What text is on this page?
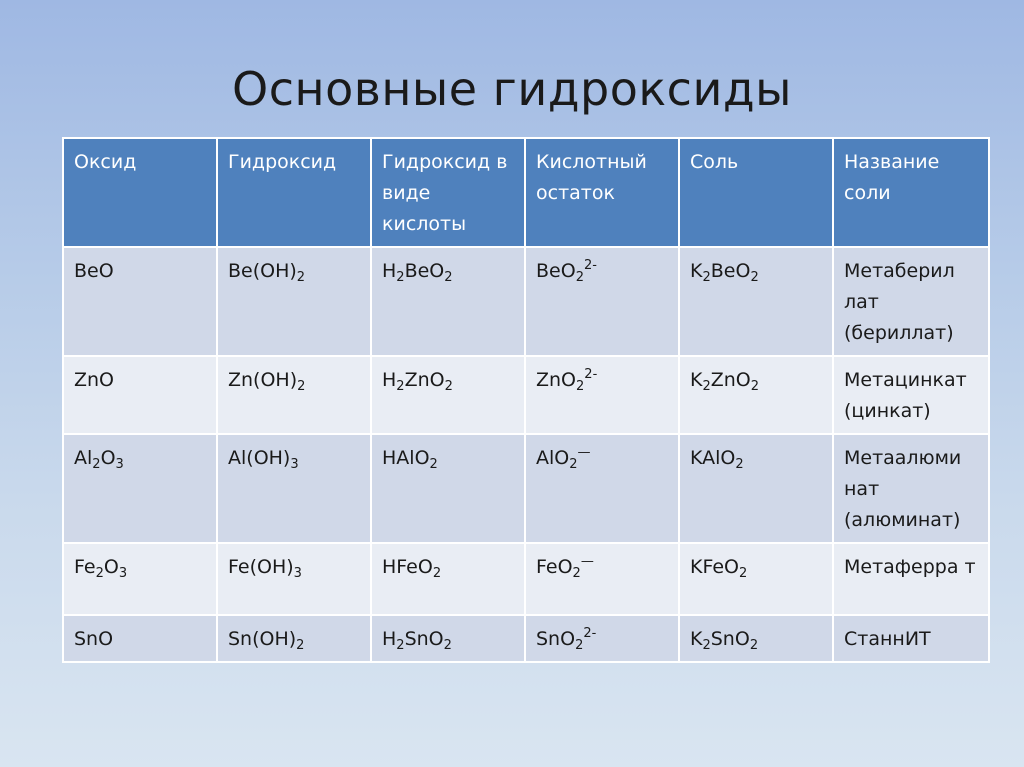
Основные гидроксиды
Оксид	Гидроксид	Гидроксид в виде кислоты	Кислотный остаток	Соль	Название соли
BeO	$Be(OH)_2$	$H_2BeO_2$	BeO$_2^{2-}$	$K_2BeO_2$	Метаберил лат (бериллат)
ZnO	$Zn(OH)_2$	$H_2ZnO_2$	ZnO$_2^{2-}$	$K_2ZnO_2$	Метацинкат (цинкат)
$Al_2O_3$	$Al(OH)_3$	HAlO$_2$	AlO$_2$—	KAlO$_2$	Метаалюми нат (алюминат)
$Fe_2O_3$	$Fe(OH)_3$	HFeO$_2$	FeO$_2$—	KFeO$_2$	Метаферра т
SnO	$Sn(OH)_2$	$H_2SnO_2$	SnO$_2^{2-}$	$K_2SnO_2$	СтаннИТ
